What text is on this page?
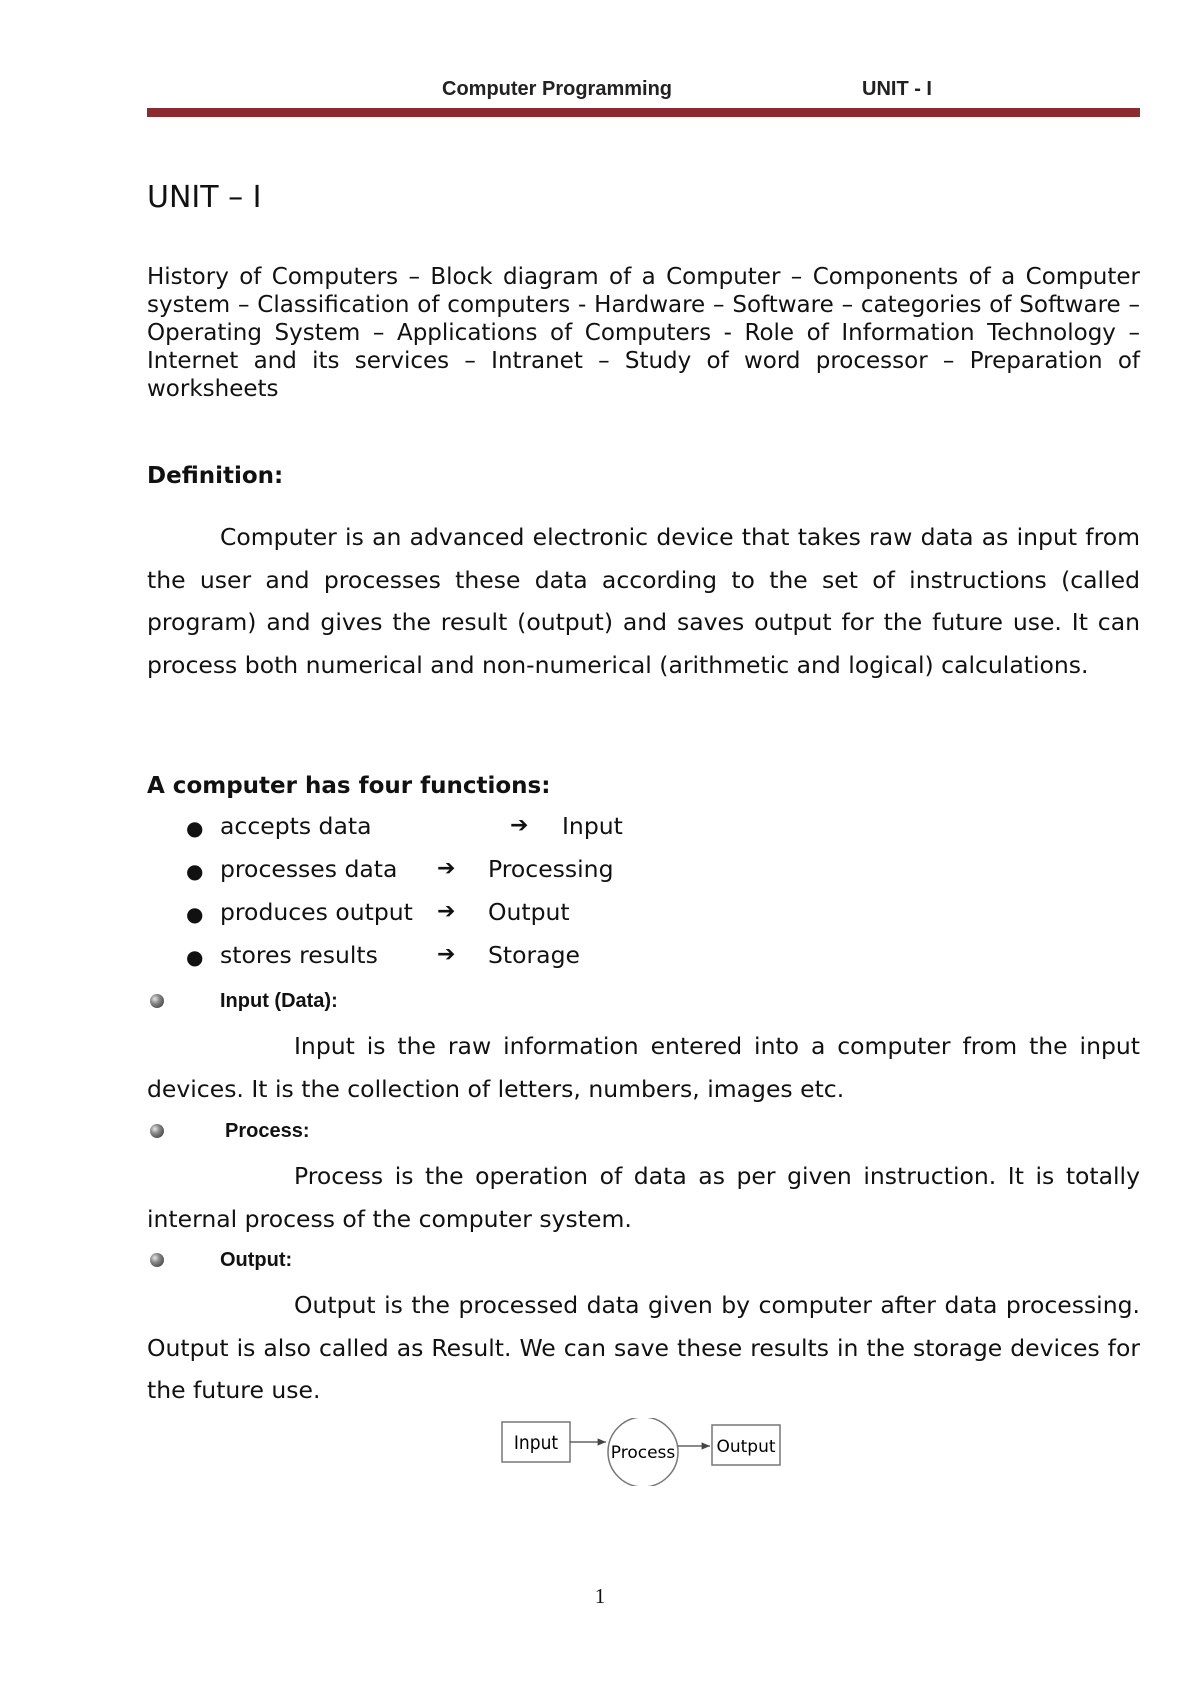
Computer Programming	UNIT - I
UNIT – I
History of Computers – Block diagram of a Computer – Components of a Computer system – Classification of computers - Hardware – Software – categories of Software – Operating System – Applications of Computers - Role of Information Technology – Internet and its services – Intranet – Study of word processor – Preparation of worksheets
Definition:
Computer is an advanced electronic device that takes raw data as input from the user and processes these data according to the set of instructions (called program) and gives the result (output) and saves output for the future use. It can process both numerical and non-numerical (arithmetic and logical) calculations.
A computer has four functions:
● accepts data	➔ Input
● processes data ➔ Processing
● produces output ➔ Output
● stores results	➔ Storage
Input (Data):
Input is the raw information entered into a computer from the input devices. It is the collection of letters, numbers, images etc.
Process:
Process is the operation of data as per given instruction. It is totally internal process of the computer system.
Output:
Output is the processed data given by computer after data processing. Output is also called as Result. We can save these results in the storage devices for the future use.
Input	Process Output
1
